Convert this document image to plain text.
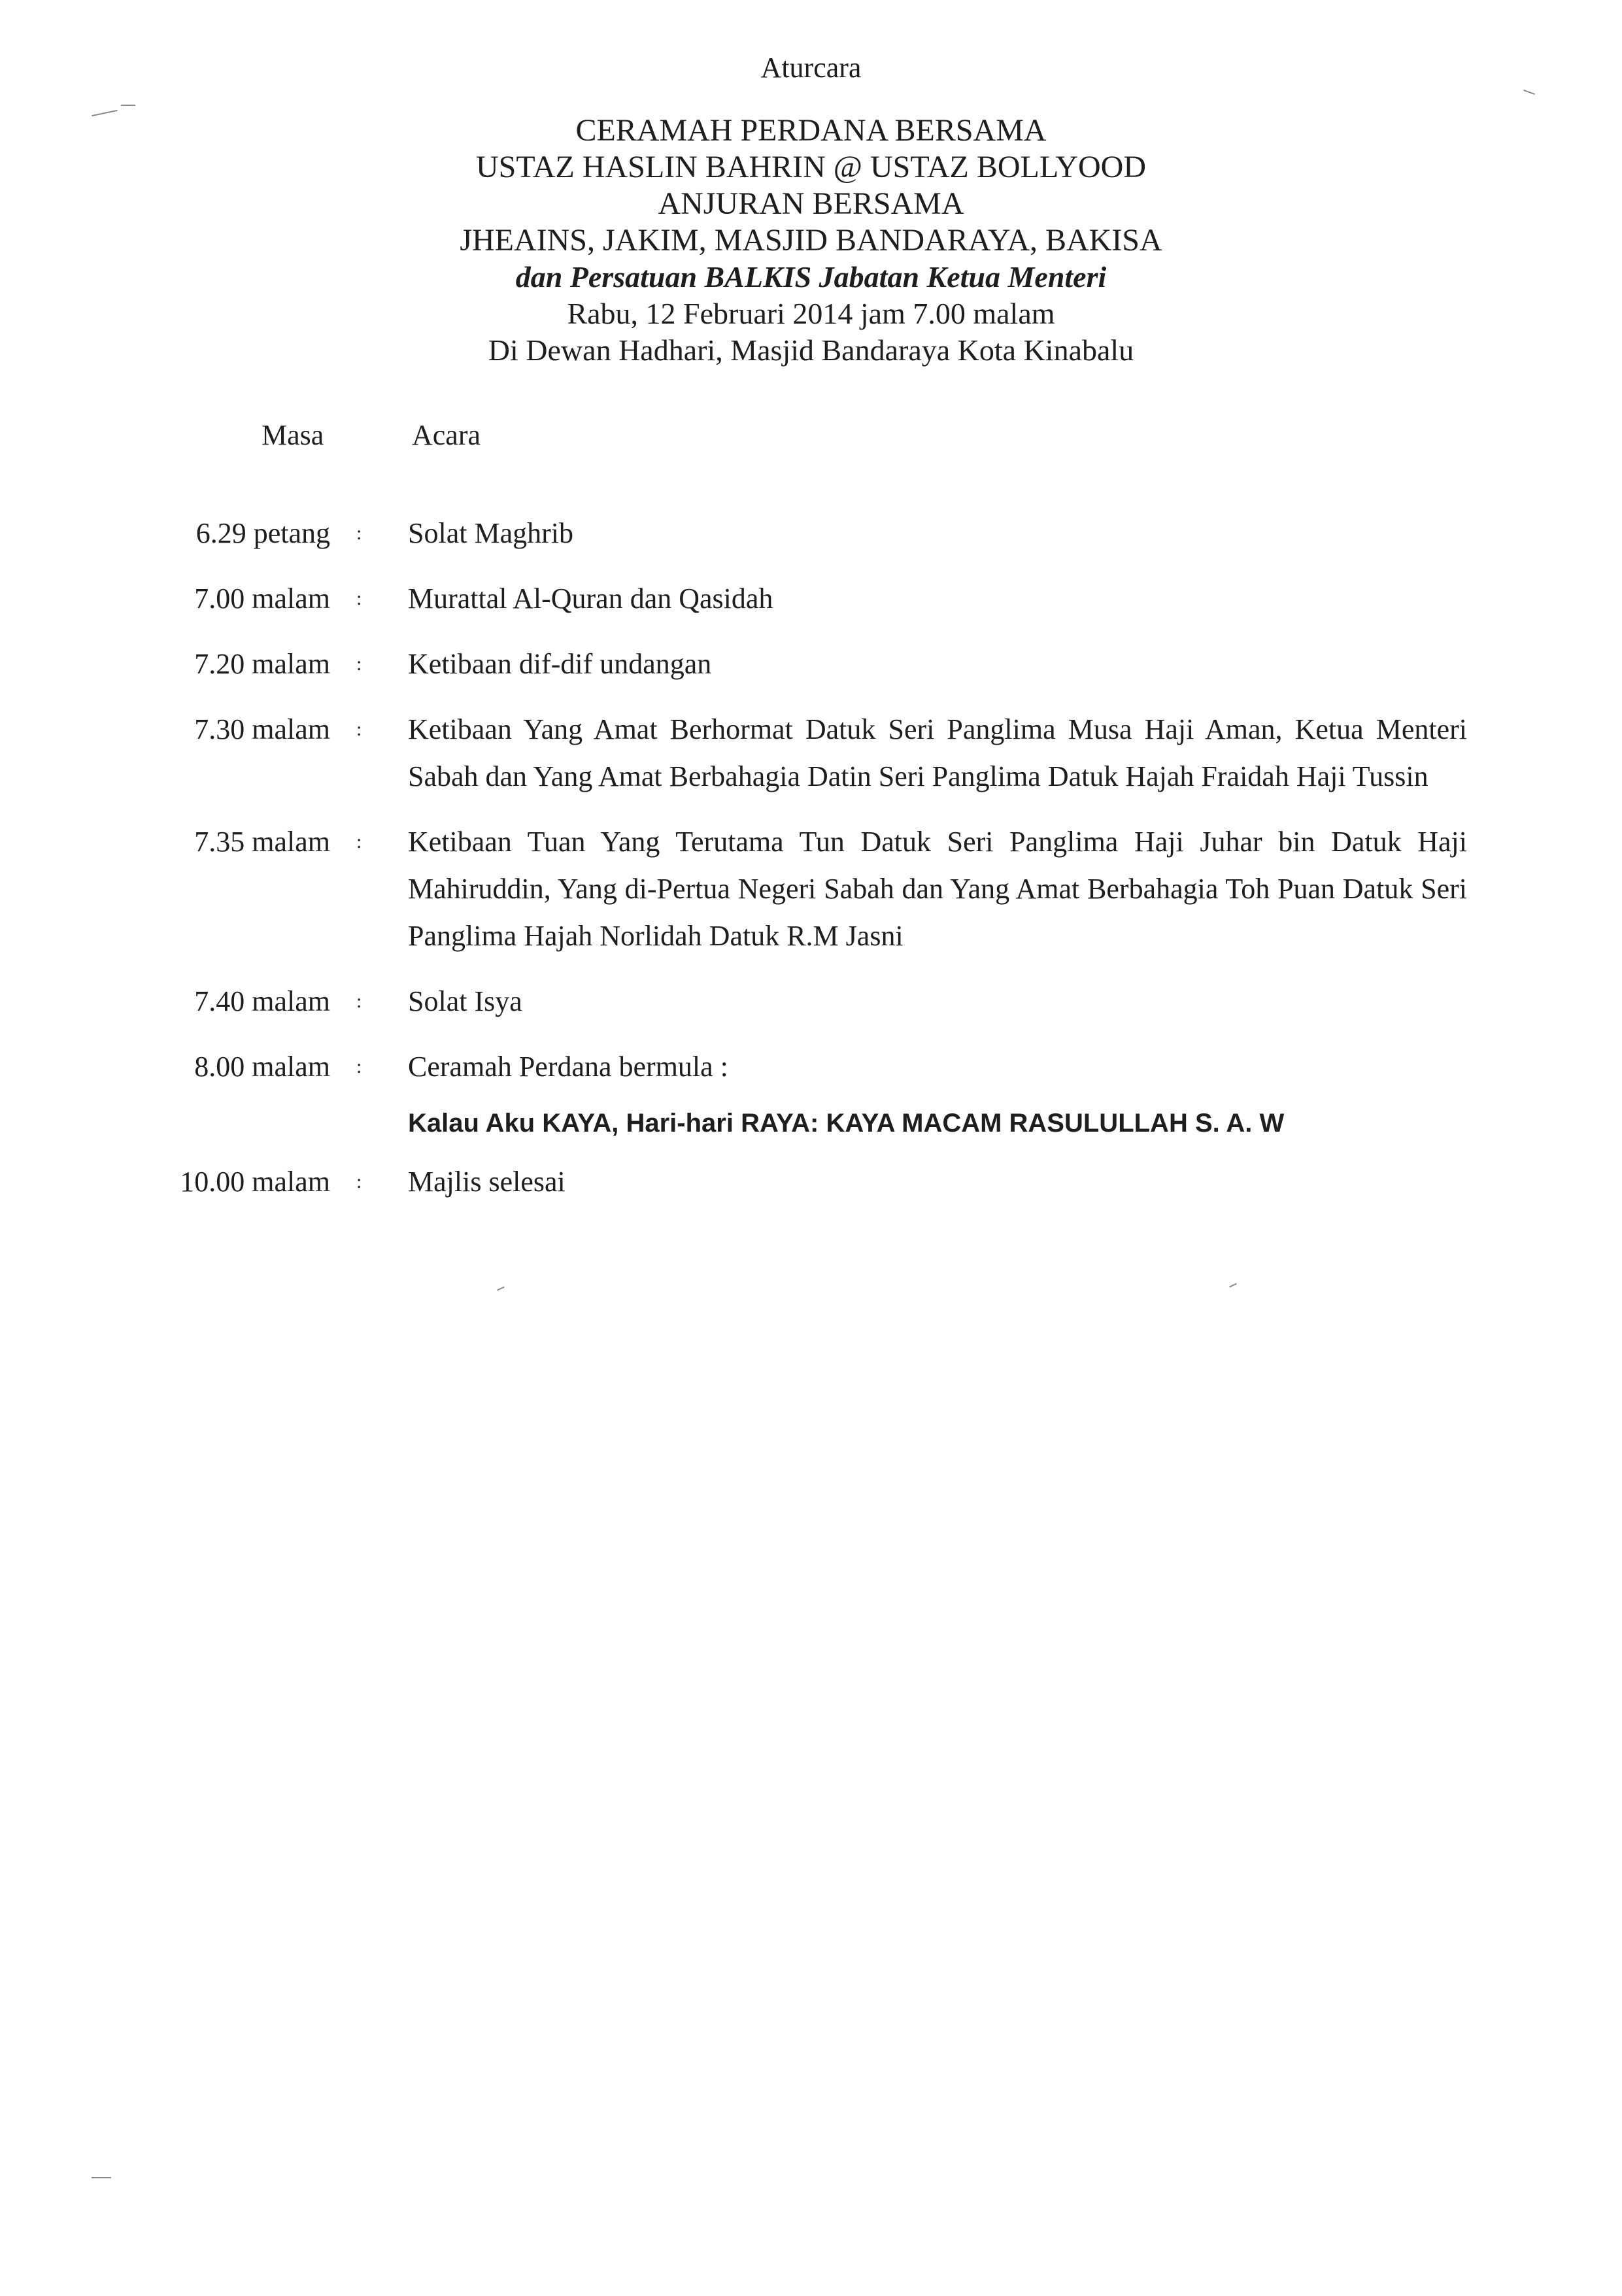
Aturcara
CERAMAH PERDANA BERSAMA
USTAZ HASLIN BAHRIN @ USTAZ BOLLYOOD
ANJURAN BERSAMA
JHEAINS, JAKIM, MASJID BANDARAYA, BAKISA
dan Persatuan BALKIS Jabatan Ketua Menteri
Rabu, 12 Februari 2014 jam 7.00 malam
Di Dewan Hadhari, Masjid Bandaraya Kota Kinabalu
Masa	Acara
6.29 petang : Solat Maghrib
7.00 malam : Murattal Al-Quran dan Qasidah
7.20 malam : Ketibaan dif-dif undangan
7.30 malam : Ketibaan Yang Amat Berhormat Datuk Seri Panglima Musa Haji Aman, Ketua Menteri Sabah dan Yang Amat Berbahagia Datin Seri Panglima Datuk Hajah Fraidah Haji Tussin
7.35 malam : Ketibaan Tuan Yang Terutama Tun Datuk Seri Panglima Haji Juhar bin Datuk Haji Mahiruddin, Yang di-Pertua Negeri Sabah dan Yang Amat Berbahagia Toh Puan Datuk Seri Panglima Hajah Norlidah Datuk R.M Jasni
7.40 malam : Solat Isya
8.00 malam : Ceramah Perdana bermula :
Kalau Aku KAYA, Hari-hari RAYA: KAYA MACAM RASULULLAH S. A. W
10.00 malam : Majlis selesai
